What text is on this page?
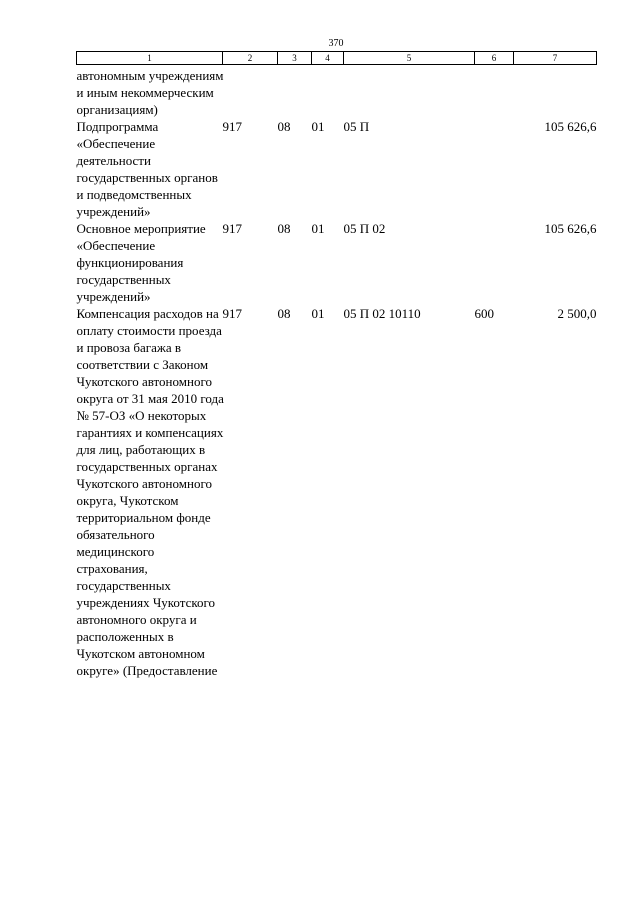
370
1	2	3	4	5	6	7

автономным учреждениям и иным некоммерческим организациям)						

Подпрограмма «Обеспечение деятельности государственных органов и подведомственных учреждений»	917	08	01	05 П		105 626,6

Основное мероприятие «Обеспечение функционирования государственных учреждений»	917	08	01	05 П 02		105 626,6

Компенсация расходов на оплату стоимости проезда и провоза багажа в соответствии с Законом Чукотского автономного округа от 31 мая 2010 года № 57-ОЗ «О некоторых гарантиях и компенсациях для лиц, работающих в государственных органах Чукотского автономного округа, Чукотском территориальном фонде обязательного медицинского страхования, государственных учреждениях Чукотского автономного округа и расположенных в Чукотском автономном округе» (Предоставление	917	08	01	05 П 02 10110	600	2 500,0
